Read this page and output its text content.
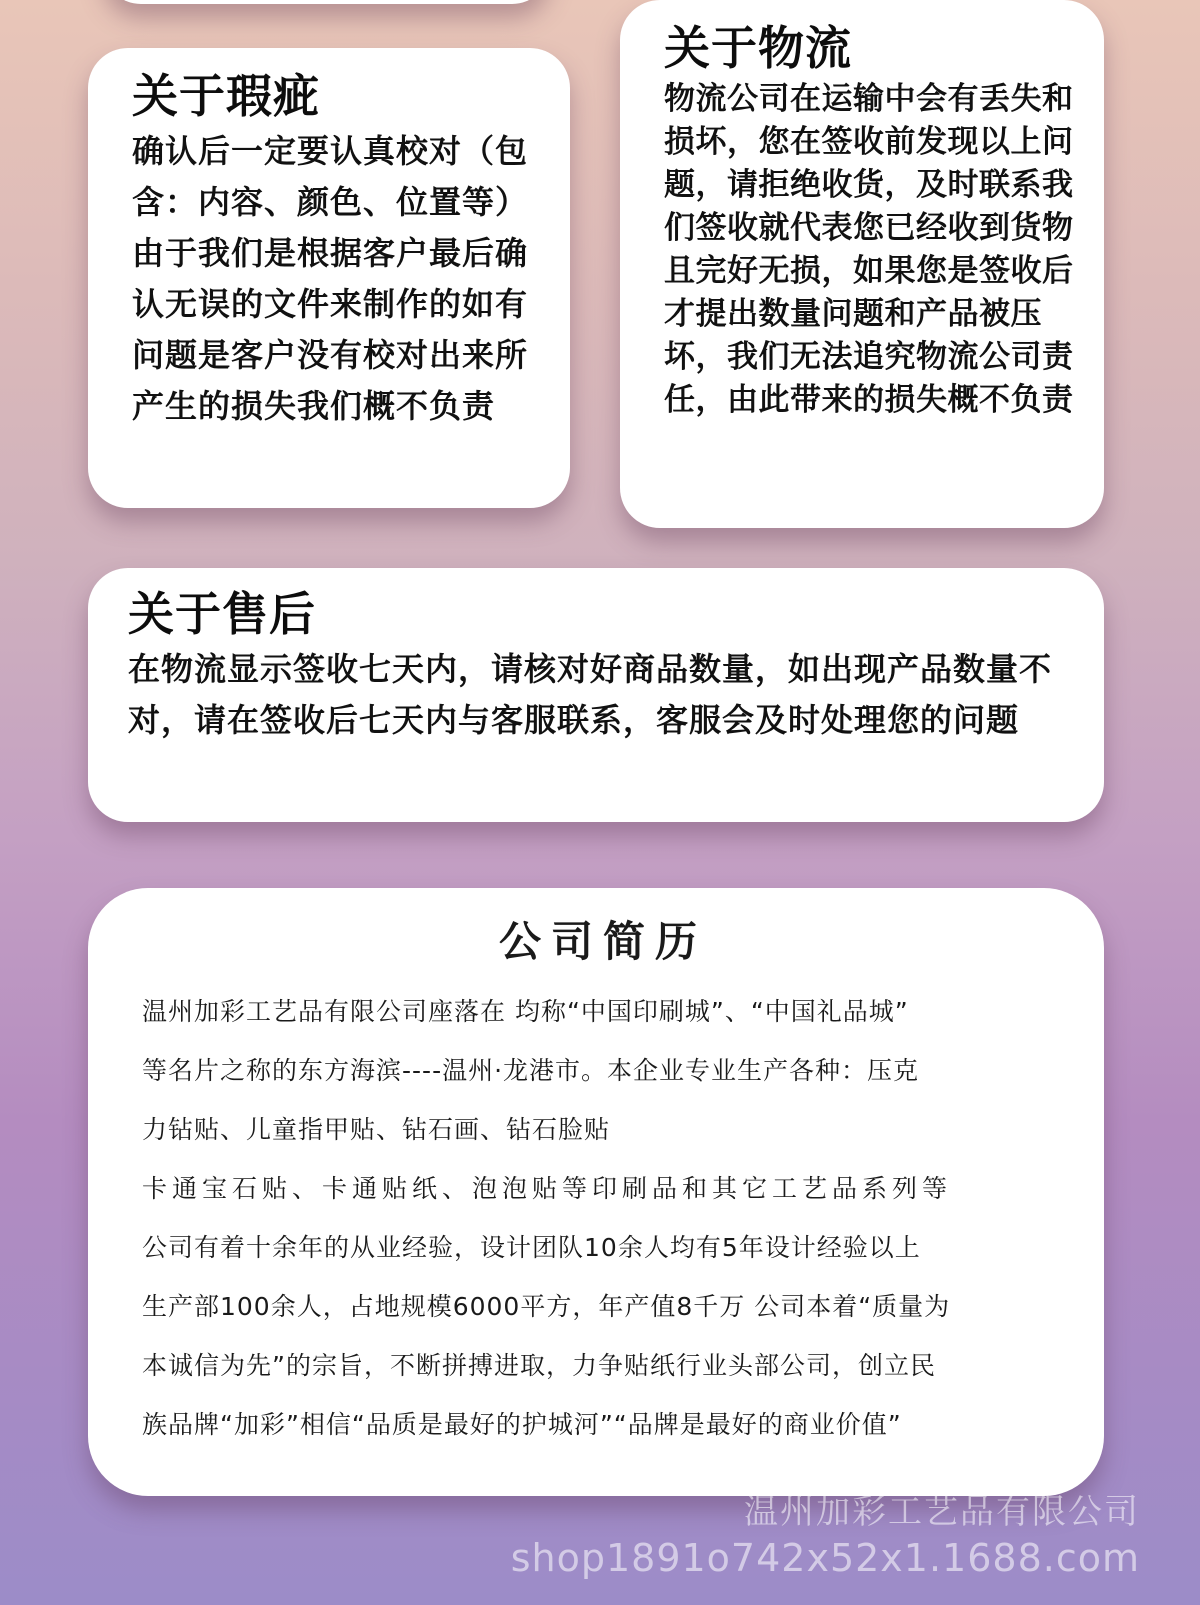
关于瑕疵

确认后一定要认真校对（包含：内容、颜色、位置等）由于我们是根据客户最后确认无误的文件来制作的如有问题是客户没有校对出来所产生的损失我们概不负责

关于物流

物流公司在运输中会有丢失和损坏，您在签收前发现以上问题，请拒绝收货，及时联系我们签收就代表您已经收到货物且完好无损，如果您是签收后才提出数量问题和产品被压坏，我们无法追究物流公司责任，由此带来的损失概不负责

关于售后

在物流显示签收七天内，请核对好商品数量，如出现产品数量不对，请在签收后七天内与客服联系，客服会及时处理您的问题

公司简历
温州加彩工艺品有限公司座落在 均称“中国印刷城”、“中国礼品城”
等名片之称的东方海滨----温州·龙港市。本企业专业生产各种：压克
力钻贴、儿童指甲贴、钻石画、钻石脸贴
卡通宝石贴、卡通贴纸、泡泡贴等印刷品和其它工艺品系列等
公司有着十余年的从业经验，设计团队10余人均有5年设计经验以上
生产部100余人，占地规模6000平方，年产值8千万 公司本着“质量为
本诚信为先”的宗旨，不断拼搏进取，力争贴纸行业头部公司，创立民
族品牌“加彩”相信“品质是最好的护城河”“品牌是最好的商业价值”
温州加彩工艺品有限公司
shop1891o742x52x1.1688.com
